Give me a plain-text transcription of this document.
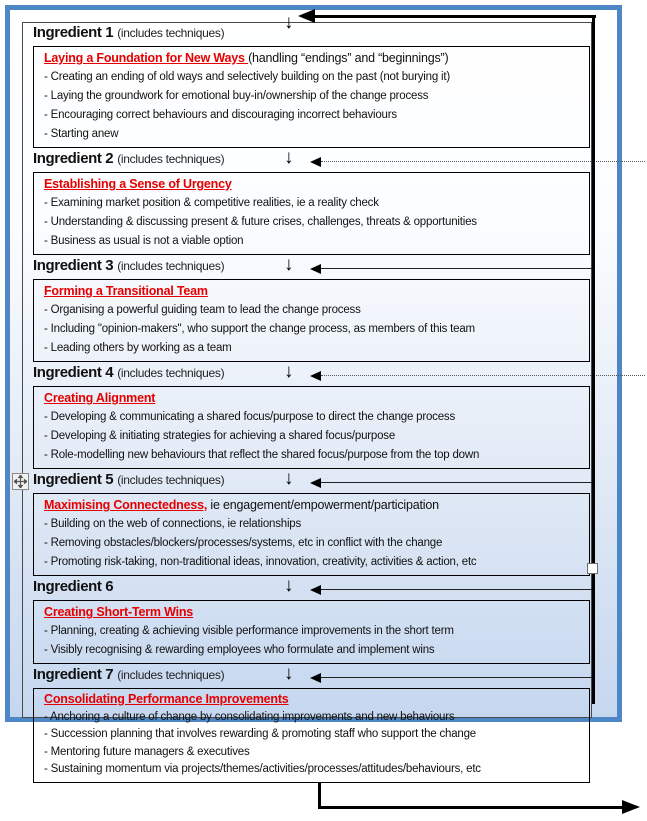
Ingredient 1 (includes techniques)	↓
Laying a Foundation for New Ways (handling “endings” and “beginnings”)
- Creating an ending of old ways and selectively building on the past (not burying it)
- Laying the groundwork for emotional buy-in/ownership of the change process
- Encouraging correct behaviours and discouraging incorrect behaviours
- Starting anew
Ingredient 2 (includes techniques)	↓
Establishing a Sense of Urgency
- Examining market position & competitive realities, ie a reality check
- Understanding & discussing present & future crises, challenges, threats & opportunities
- Business as usual is not a viable option
Ingredient 3 (includes techniques)	↓
Forming a Transitional Team
- Organising a powerful guiding team to lead the change process
- Including "opinion-makers", who support the change process, as members of this team
- Leading others by working as a team
Ingredient 4 (includes techniques)	↓
Creating Alignment
- Developing & communicating a shared focus/purpose to direct the change process
- Developing & initiating strategies for achieving a shared focus/purpose
- Role-modelling new behaviours that reflect the shared focus/purpose from the top down
Ingredient 5 (includes techniques)	↓
Maximising Connectedness, ie engagement/empowerment/participation
- Building on the web of connections, ie relationships
- Removing obstacles/blockers/processes/systems, etc in conflict with the change
- Promoting risk-taking, non-traditional ideas, innovation, creativity, activities & action, etc
Ingredient 6	↓
Creating Short-Term Wins
- Planning, creating & achieving visible performance improvements in the short term
- Visibly recognising & rewarding employees who formulate and implement wins
Ingredient 7 (includes techniques)	↓
Consolidating Performance Improvements
- Anchoring a culture of change by consolidating improvements and new behaviours
- Succession planning that involves rewarding & promoting staff who support the change
- Mentoring future managers & executives
- Sustaining momentum via projects/themes/activities/processes/attitudes/behaviours, etc
